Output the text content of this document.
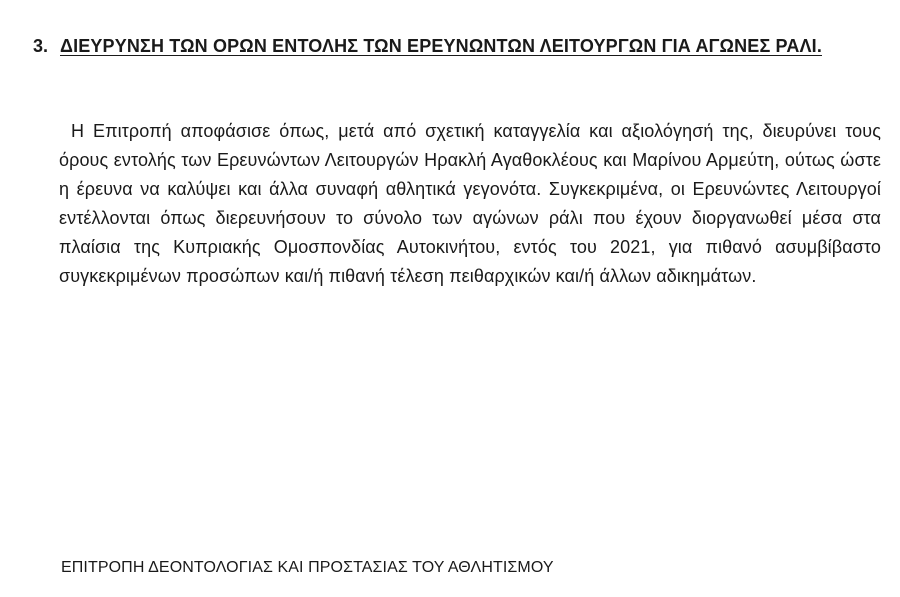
3. ΔΙΕΥΡΥΝΣΗ ΤΩΝ ΟΡΩΝ ΕΝΤΟΛΗΣ ΤΩΝ ΕΡΕΥΝΩΝΤΩΝ ΛΕΙΤΟΥΡΓΩΝ ΓΙΑ ΑΓΩΝΕΣ ΡΑΛΙ.

Η Επιτροπή αποφάσισε όπως, μετά από σχετική καταγγελία και αξιολόγησή της, διευρύνει τους όρους εντολής των Ερευνώντων Λειτουργών Ηρακλή Αγαθοκλέους και Μαρίνου Αρμεύτη, ούτως ώστε η έρευνα να καλύψει και άλλα συναφή αθλητικά γεγονότα. Συγκεκριμένα, οι Ερευνώντες Λειτουργοί εντέλλονται όπως διερευνήσουν το σύνολο των αγώνων ράλι που έχουν διοργανωθεί μέσα στα πλαίσια της Κυπριακής Ομοσπονδίας Αυτοκινήτου, εντός του 2021, για πιθανό ασυμβίβαστο συγκεκριμένων προσώπων και/ή πιθανή τέλεση πειθαρχικών και/ή άλλων αδικημάτων.

ΕΠΙΤΡΟΠΗ ΔΕΟΝΤΟΛΟΓΙΑΣ ΚΑΙ ΠΡΟΣΤΑΣΙΑΣ ΤΟΥ ΑΘΛΗΤΙΣΜΟΥ
